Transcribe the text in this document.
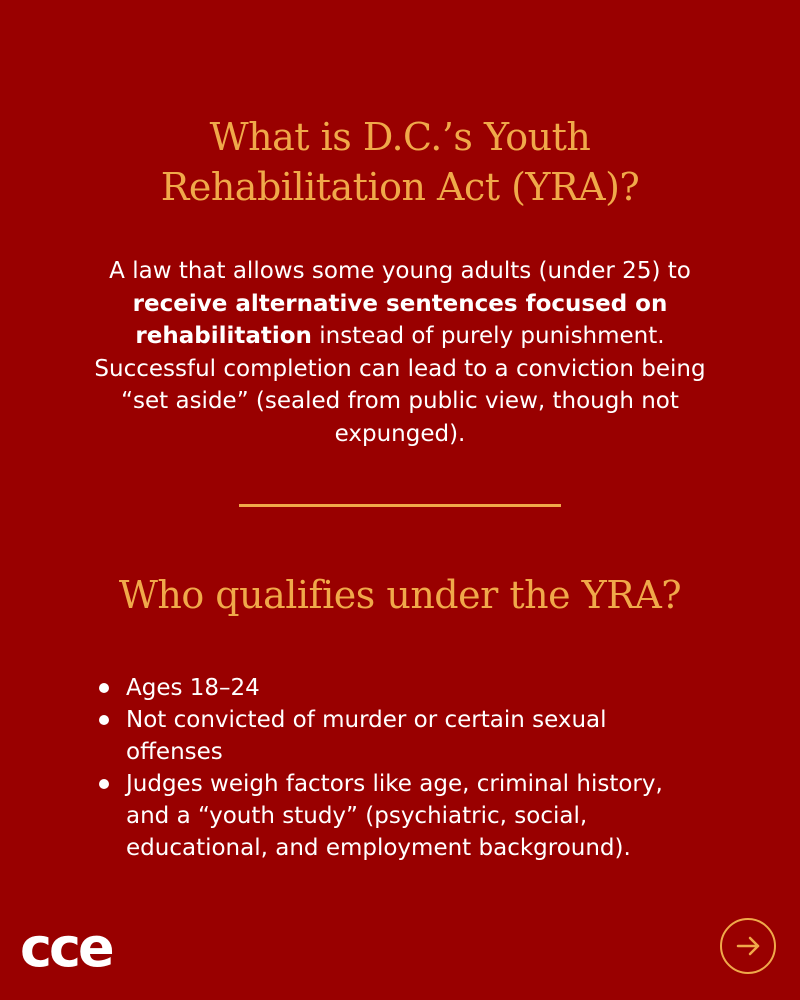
What is D.C.’s Youth
Rehabilitation Act (YRA)?

A law that allows some young adults (under 25) to receive alternative sentences focused on rehabilitation instead of purely punishment. Successful completion can lead to a conviction being “set aside” (sealed from public view, though not expunged).

Who qualifies under the YRA?
Ages 18–24
Not convicted of murder or certain sexual offenses
Judges weigh factors like age, criminal history, and a “youth study” (psychiatric, social, educational, and employment background).
cce
